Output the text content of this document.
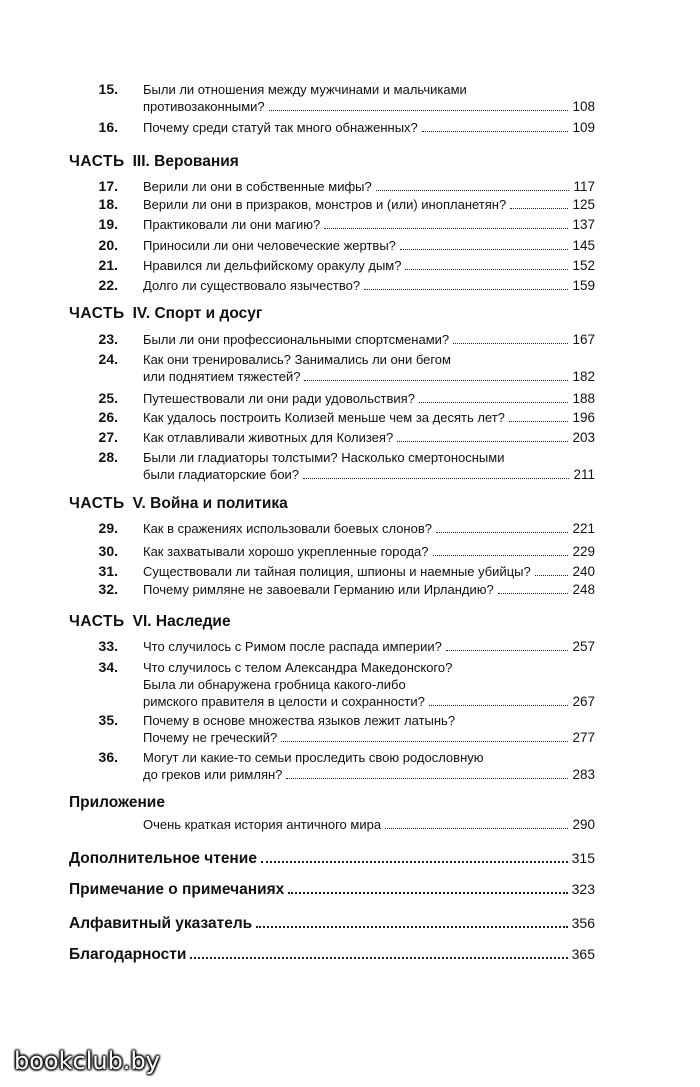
ЧАСТЬ III. Верования
ЧАСТЬ IV. Спорт и досуг
ЧАСТЬ V. Война и политика
ЧАСТЬ VI. Наследие
15. Были ли отношения между мужчинами и мальчиками
противозаконными?	108
16. Почему среди статуй так много обнаженных?	109
17. Верили ли они в собственные мифы?	117
18. Верили ли они в призраков, монстров и (или) инопланетян?	125
19. Практиковали ли они магию?	137
20. Приносили ли они человеческие жертвы?	145
21. Нравился ли дельфийскому оракулу дым?	152
22. Долго ли существовало язычество?	159
23. Были ли они профессиональными спортсменами?	167
24. Как они тренировались? Занимались ли они бегом
или поднятием тяжестей?	182
25. Путешествовали ли они ради удовольствия?	188
26. Как удалось построить Колизей меньше чем за десять лет?	196
27. Как отлавливали животных для Колизея?	203
28. Были ли гладиаторы толстыми? Насколько смертоносными
были гладиаторские бои?	211
29. Как в сражениях использовали боевых слонов?	221
30. Как захватывали хорошо укрепленные города?	229
31. Существовали ли тайная полиция, шпионы и наемные убийцы?	240
32. Почему римляне не завоевали Германию или Ирландию?	248
33. Что случилось с Римом после распада империи?	257
34. Что случилось с телом Александра Македонского?
Была ли обнаружена гробница какого-либо
римского правителя в целости и сохранности?	267
35. Почему в основе множества языков лежит латынь?
Почему не греческий?	277
36. Могут ли какие-то семьи проследить свою родословную
до греков или римлян?	283
Приложение
Очень краткая история античного мира	290
Дополнительное чтение	315
Примечание о примечаниях	323
Алфавитный указатель	356
Благодарности	365
bookclub.by
